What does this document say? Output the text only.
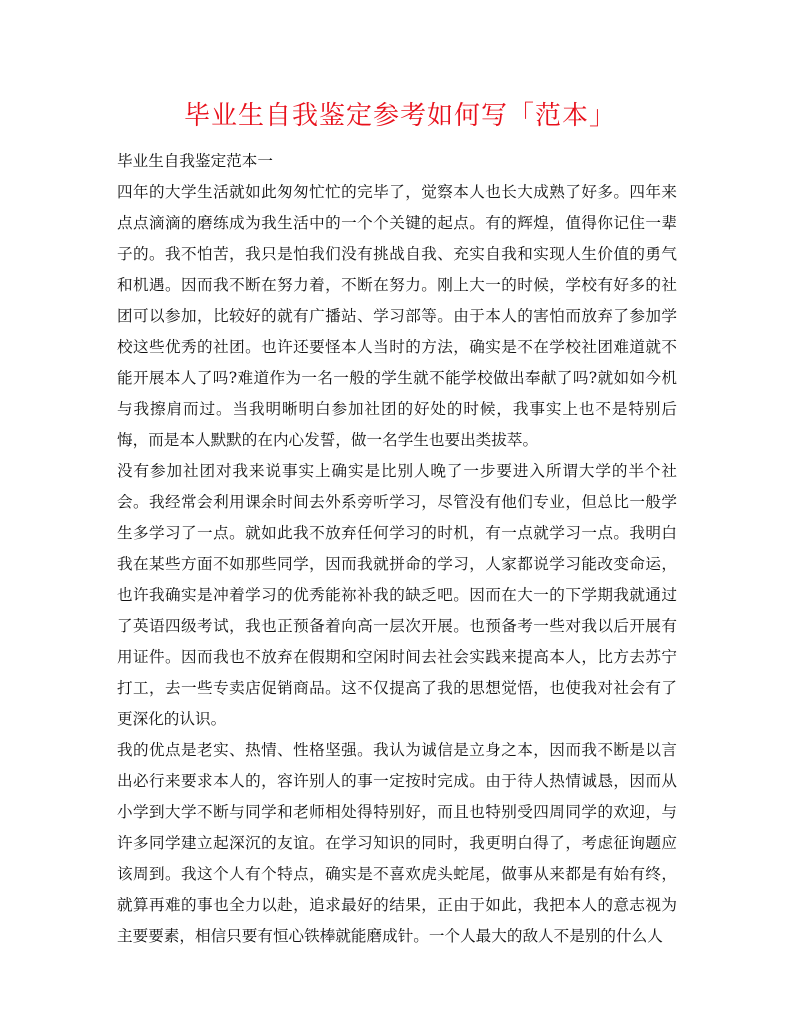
毕业生自我鉴定参考如何写「范本」

毕业生自我鉴定范本一

四年的大学生活就如此匆匆忙忙的完毕了，觉察本人也长大成熟了好多。四年来点点滴滴的磨练成为我生活中的一个个关键的起点。有的辉煌，值得你记住一辈子的。我不怕苦，我只是怕我们没有挑战自我、充实自我和实现人生价值的勇气和机遇。因而我不断在努力着，不断在努力。刚上大一的时候，学校有好多的社团可以参加，比较好的就有广播站、学习部等。由于本人的害怕而放弃了参加学校这些优秀的社团。也许还要怪本人当时的方法，确实是不在学校社团难道就不能开展本人了吗?难道作为一名一般的学生就不能学校做出奉献了吗?就如如今机与我擦肩而过。当我明晰明白参加社团的好处的时候，我事实上也不是特别后悔，而是本人默默的在内心发誓，做一名学生也要出类拔萃。

没有参加社团对我来说事实上确实是比别人晚了一步要进入所谓大学的半个社会。我经常会利用课余时间去外系旁听学习，尽管没有他们专业，但总比一般学生多学习了一点。就如此我不放弃任何学习的时机，有一点就学习一点。我明白我在某些方面不如那些同学，因而我就拼命的学习，人家都说学习能改变命运，也许我确实是冲着学习的优秀能祢补我的缺乏吧。因而在大一的下学期我就通过了英语四级考试，我也正预备着向高一层次开展。也预备考一些对我以后开展有用证件。因而我也不放弃在假期和空闲时间去社会实践来提高本人，比方去苏宁打工，去一些专卖店促销商品。这不仅提高了我的思想觉悟，也使我对社会有了更深化的认识。

我的优点是老实、热情、性格坚强。我认为诚信是立身之本，因而我不断是以言出必行来要求本人的，容许别人的事一定按时完成。由于待人热情诚恳，因而从小学到大学不断与同学和老师相处得特别好，而且也特别受四周同学的欢迎，与许多同学建立起深沉的友谊。在学习知识的同时，我更明白得了，考虑征询题应该周到。我这个人有个特点，确实是不喜欢虎头蛇尾，做事从来都是有始有终，就算再难的事也全力以赴，追求最好的结果，正由于如此，我把本人的意志视为主要要素，相信只要有恒心铁棒就能磨成针。一个人最大的敌人不是别的什么人
